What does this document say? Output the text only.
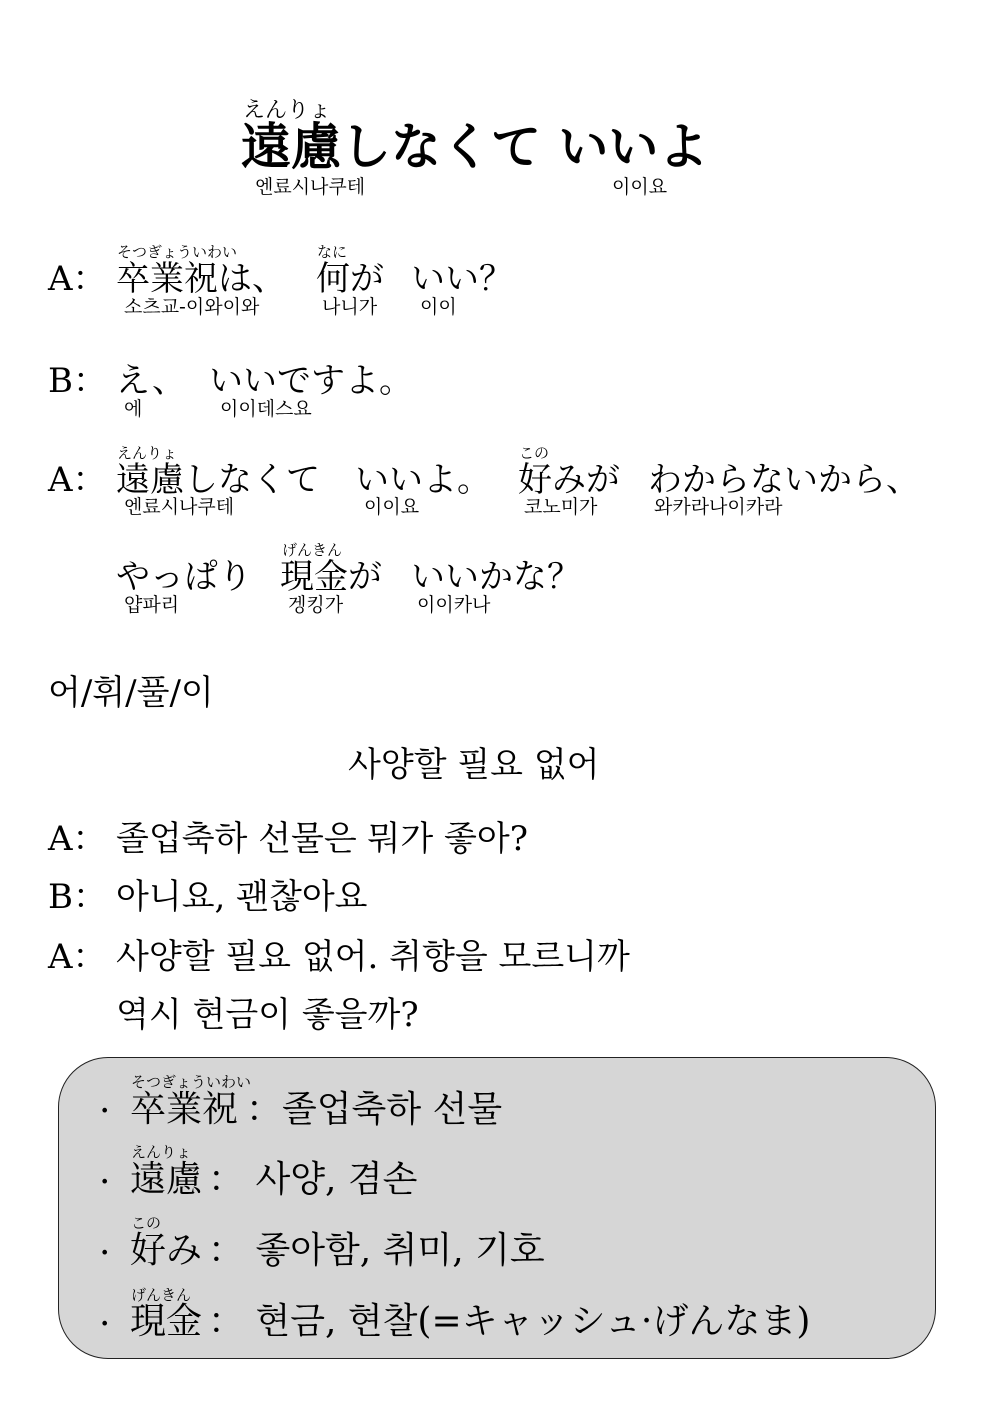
えんりょ
遠慮しなくて いいよ
엔료시나쿠테	이이요
そつぎょういわい	なに
A： 卒業祝は、 何が いい？
소츠교-이와이와	나니가 이이
B： え、 いいですよ。
에	이이데스요
えんりょ	この
A： 遠慮しなくて いいよ。 好みが わからないから、
엔료시나쿠테	이이요	코노미가	와카라나이카라
げんきん
やっぱり 現金が いいかな？
얍파리	겡킹가	이이카나
어/휘/풀/이
사양할 필요 없어
A： 졸업축하 선물은 뭐가 좋아?
B： 아니요, 괜찮아요
A： 사양할 필요 없어. 취향을 모르니까
역시 현금이 좋을까?
·
そつぎょういわい
卒業祝 ：졸업축하 선물
·
えんりょ
遠慮 ： 사양, 겸손
·
この
好み ： 좋아함, 취미, 기호
·
げんきん
現金 ： 현금, 현찰(=キャッシュ·げんなま)
